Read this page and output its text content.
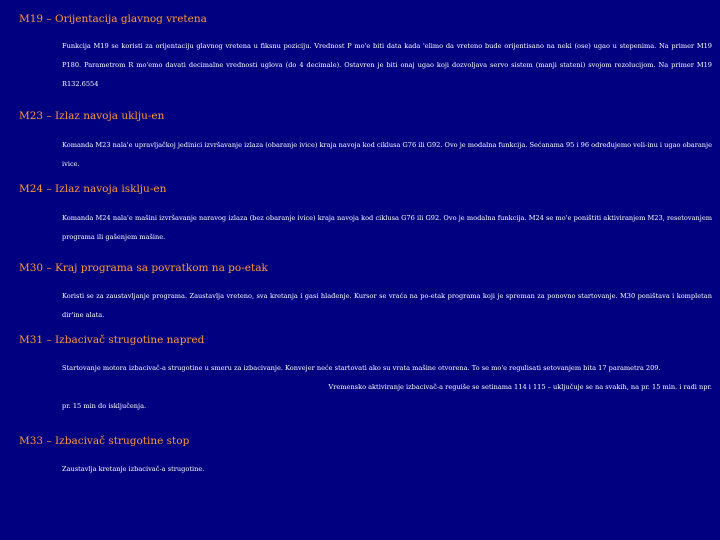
M19 – Orijentacija glavnog vretena
Funkcija M19 se koristi za orijentaciju glavnog vretena u fiksnu poziciju. Vrednost P mo'e biti data kada 'elimo da vreteno bude orijentisano na neki (ose) ugao u stepenima. Na primer M19 P180. Parametrom R mo'emo davati decimalne vrednosti uglova (do 4 decimale). Ostavren je biti onaj ugao koji dozvoljava servo sistem (manji stateni) svojom rezolucijom. Na primer M19 R132.6554
M23 – Izlaz navoja uklju-en
Komanda M23 nala'e upravljačkoj jedinici izvršavanje izlaza (obaranje ivice) kraja navoja kod ciklusa G76 ili G92. Ovo je modalna funkcija. Sećanama 95 i 96 određujemo veli-inu i ugao obaranje ivice.
M24 – Izlaz navoja isklju-en
Komanda M24 nala'e mašini izvršavanje naravog izlaza (bez obaranje ivice) kraja navoja kod ciklusa G76 ili G92. Ovo je modalna funkcija. M24 se mo'e poništiti aktiviranjem M23, resetovanjem programa ili gašenjem mašine.
M30 – Kraj programa sa povratkom na po-etak
Koristi se za zaustavljanje programa. Zaustavlja vreteno, sva kretanja i gasi hlađenje. Kursor se vraća na po-etak programa koji je spreman za ponovno startovanje. M30 poništava i kompletan dir'ine alata.
M31 – Izbacivač strugotine napred
Startovanje motora izbacivač-a strugotine u smeru za izbacivanje. Konvejer neće startovati ako su vrata mašine otvorena. To se mo'e regulisati setovanjem bita 17 parametra 209.
Vremensko aktiviranje izbacivač-a reguiše se setinama 114 i 115 – uključuje se na svakih, na pr. 15 min. i radi npr.
pr. 15 min do isključenja.
M33 – Izbacivač strugotine stop
Zaustavlja kretanje izbacivač-a strugotine.
